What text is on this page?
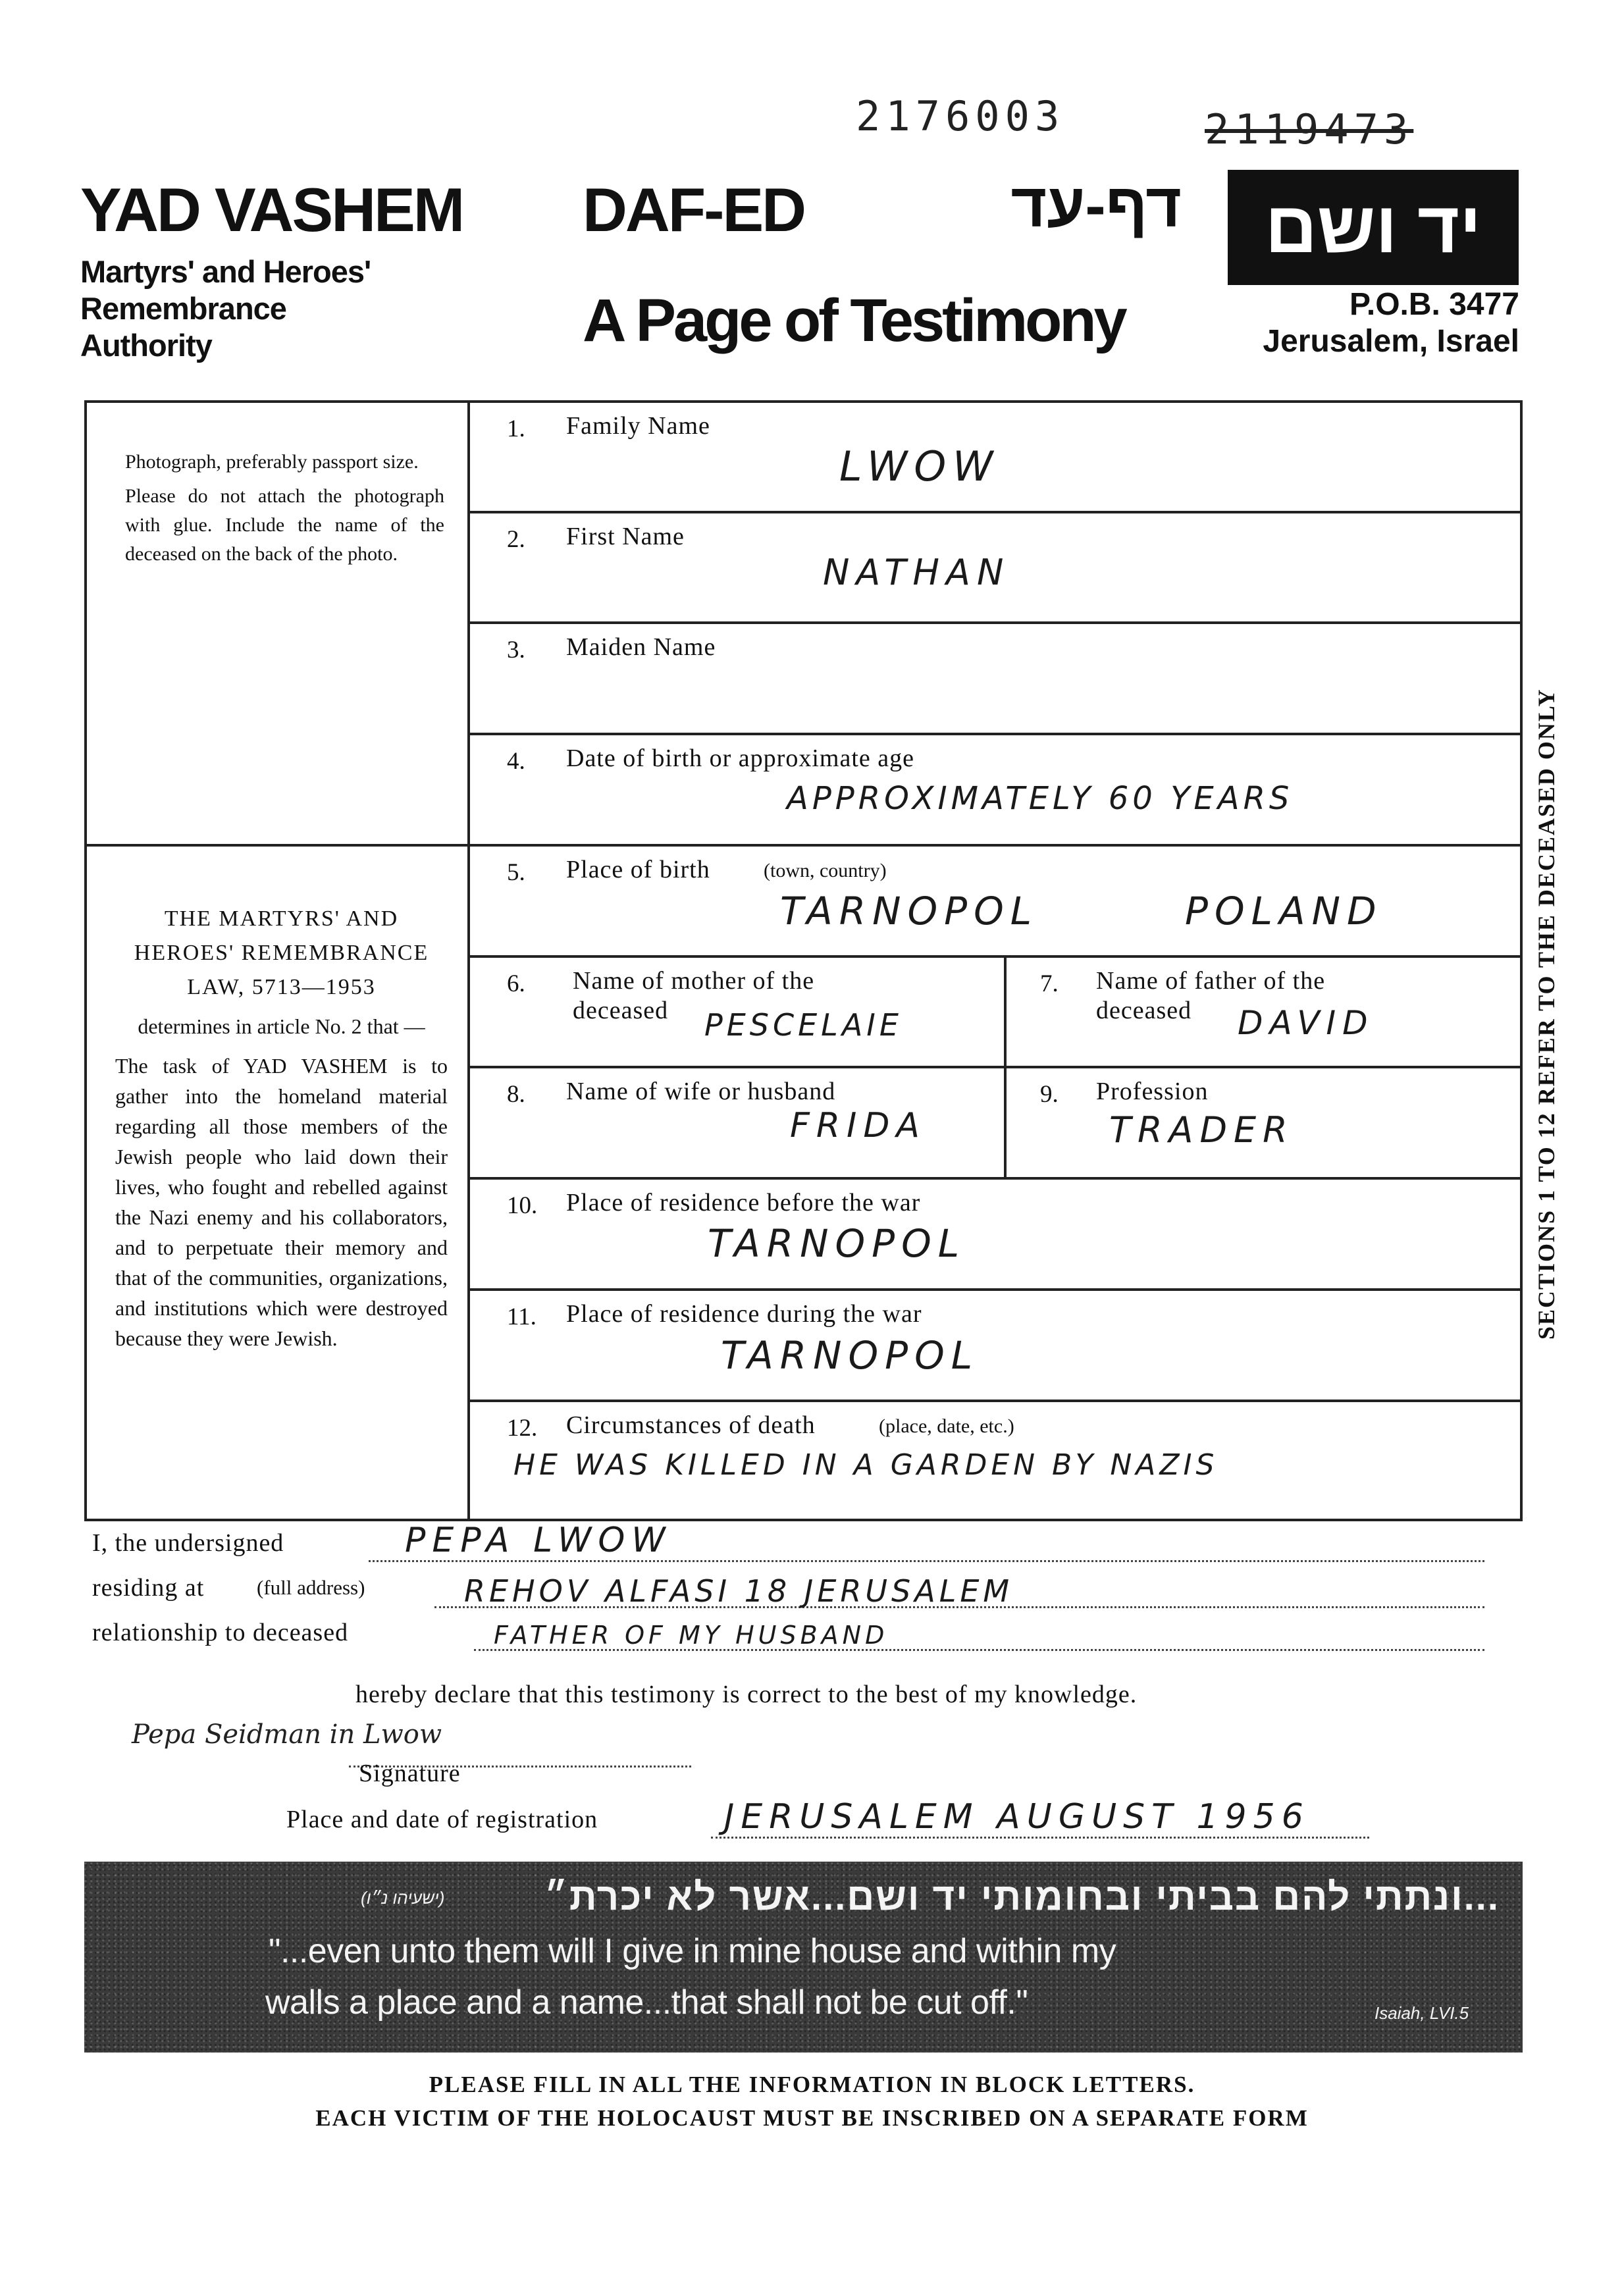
2176003	2119473
YAD VASHEM
Martyrs' and Heroes'
Remembrance
Authority
DAF-ED
A Page of Testimony
דף-עד	יד ושם
P.O.B. 3477
Jerusalem, Israel
Photograph, preferably passport size.
Please do not attach the photograph with glue. Include the name of the deceased on the back of the photo.
THE MARTYRS' AND
HEROES' REMEMBRANCE
LAW, 5713—1953
determines in article No. 2 that —
The task of YAD VASHEM is to gather into the homeland material regarding all those members of the Jewish people who laid down their lives, who fought and rebelled against the Nazi enemy and his collaborators, and to perpetuate their memory and that of the communities, organizations, and institutions which were destroyed because they were Jewish.
1. Family Name
LWOW
2. First Name
NATHAN
3. Maiden Name
4. Date of birth or approximate age
APPROXIMATELY 60 YEARS
5. Place of birth	(town, country)
TARNOPOL	POLAND
6. Name of mother of the
deceased PESCELAIE
7. Name of father of the
deceased DAVID
8. Name of wife or husband
FRIDA
9. Profession
TRADER
10. Place of residence before the war
TARNOPOL
11. Place of residence during the war
TARNOPOL
12. Circumstances of death	(place, date, etc.)
HE WAS KILLED IN A GARDEN BY NAZIS
SECTIONS 1 TO 12 REFER TO THE DECEASED ONLY
I, the undersigned	PEPA LWOW
residing at	(full address)	REHOV ALFASI 18 JERUSALEM
relationship to deceased	FATHER OF MY HUSBAND
hereby declare that this testimony is correct to the best of my knowledge.
Pepa Seidman in Lwow
Signature
Place and date of registration	JERUSALEM AUGUST 1956
(ישעיהו נ״ו)	...ונתתי להם בביתי ובחומותי יד ושם...אשר לא יכרת״
"...even unto them will I give in mine house and within my
walls a place and a name...that shall not be cut off."	Isaiah, LVI.5
PLEASE FILL IN ALL THE INFORMATION IN BLOCK LETTERS.
EACH VICTIM OF THE HOLOCAUST MUST BE INSCRIBED ON A SEPARATE FORM
